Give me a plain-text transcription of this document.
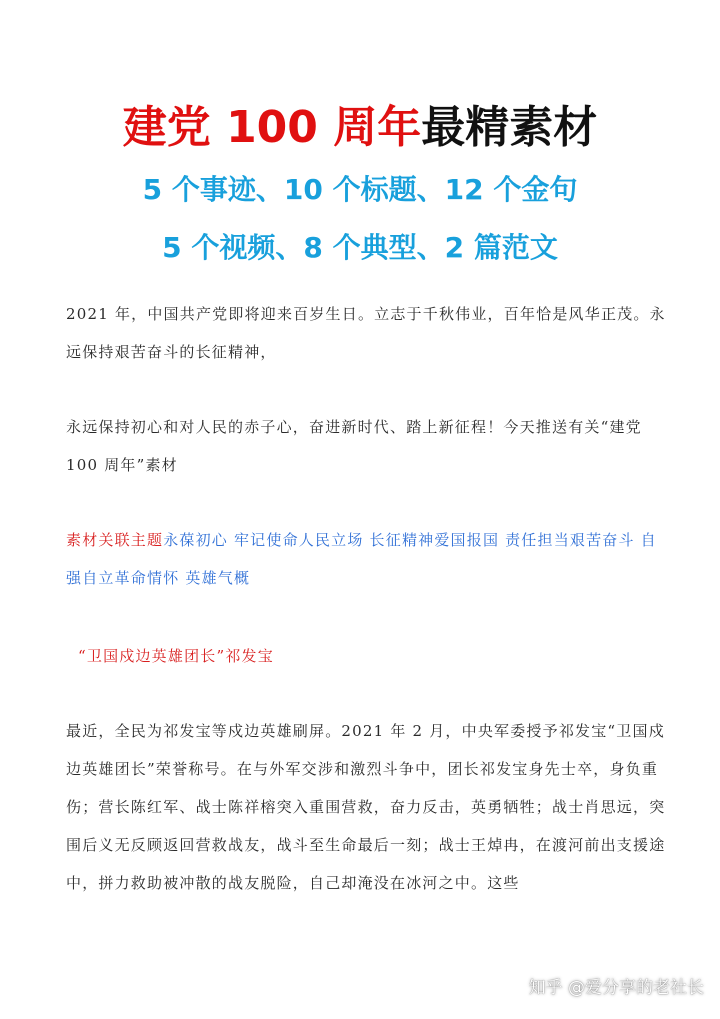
建党 100 周年最精素材
5 个事迹、10 个标题、12 个金句
5 个视频、8 个典型、2 篇范文
2021 年，中国共产党即将迎来百岁生日。立志于千秋伟业，百年恰是风华正茂。永远保持艰苦奋斗的长征精神，
永远保持初心和对人民的赤子心，奋进新时代、踏上新征程！今天推送有关“建党 100 周年”素材
素材关联主题永葆初心 牢记使命人民立场 长征精神爱国报国 责任担当艰苦奋斗 自强自立革命情怀 英雄气概
“卫国戍边英雄团长”祁发宝
最近，全民为祁发宝等戍边英雄刷屏。2021 年 2 月，中央军委授予祁发宝“卫国戍边英雄团长”荣誉称号。在与外军交涉和激烈斗争中，团长祁发宝身先士卒，身负重伤；营长陈红军、战士陈祥榕突入重围营救，奋力反击，英勇牺牲；战士肖思远，突围后义无反顾返回营救战友，战斗至生命最后一刻；战士王焯冉，在渡河前出支援途中，拼力救助被冲散的战友脱险，自己却淹没在冰河之中。这些
知乎 @爱分享的老社长
